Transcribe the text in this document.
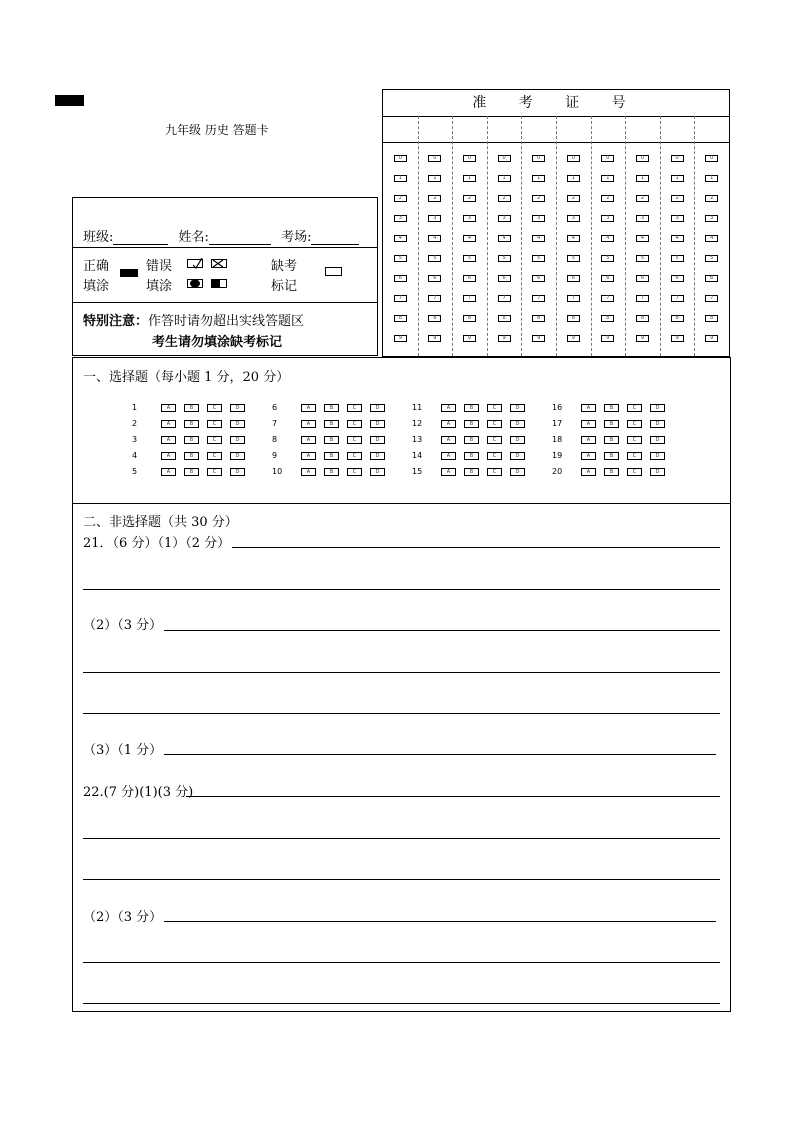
九年级 历史 答题卡
准 考 证 号
0	0	0	0	0	0	0	0	0	0
1	1	1	1	1	1	1	1	1	1
2	2	2	2	2	2	2	2	2	2
3	3	3	3	3	3	3	3	3	3
4	4	4	4	4	4	4	4	4	4
5	5	5	5	5	5	5	5	5	5
6	6	6	6	6	6	6	6	6	6
7	7	7	7	7	7	7	7	7	7
8	8	8	8	8	8	8	8	8	8
9	9	9	9	9	9	9	9	9	9
班级:	姓名:	考场:
正确
填涂
错误
填涂
缺考
标记
特别注意：作答时请勿超出实线答题区
考生请勿填涂缺考标记
一、选择题（每小题 1 分，20 分）
二、非选择题（共 30 分）
21．（6 分）（1）（2 分）
（2）（3 分）
（3）（1 分）
22.(7 分)(1)(3 分)
（2）（3 分）
1	A	B	C	D
2	A	B	C	D
3	A	B	C	D
4	A	B	C	D
5	A	B	C	D
6	A	B	C	D
7	A	B	C	D
8	A	B	C	D
9	A	B	C	D
10	A	B	C	D
11	A	B	C	D
12	A	B	C	D
13	A	B	C	D
14	A	B	C	D
15	A	B	C	D
16	A	B	C	D
17	A	B	C	D
18	A	B	C	D
19	A	B	C	D
20	A	B	C	D
